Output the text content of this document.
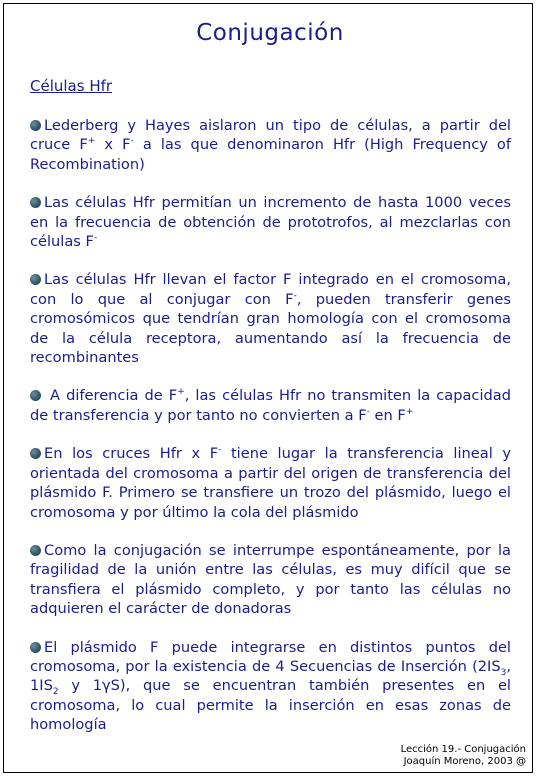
Conjugación
Células Hfr

Lederberg y Hayes aislaron un tipo de células, a partir del cruce F+ x F- a las que denominaron Hfr (High Frequency of Recombination)

Las células Hfr permitían un incremento de hasta 1000 veces en la frecuencia de obtención de prototrofos, al mezclarlas con células F-

Las células Hfr llevan el factor F integrado en el cromosoma, con lo que al conjugar con F-, pueden transferir genes cromosómicos que tendrían gran homología con el cromosoma de la célula receptora, aumentando así la frecuencia de recombinantes

A diferencia de F+, las células Hfr no transmiten la capacidad de transferencia y por tanto no convierten a F- en F+

En los cruces Hfr x F- tiene lugar la transferencia lineal y orientada del cromosoma a partir del origen de transferencia del plásmido F. Primero se transfiere un trozo del plásmido, luego el cromosoma y por último la cola del plásmido

Como la conjugación se interrumpe espontáneamente, por la fragilidad de la unión entre las células, es muy difícil que se transfiera el plásmido completo, y por tanto las células no adquieren el carácter de donadoras

El plásmido F puede integrarse en distintos puntos del cromosoma, por la existencia de 4 Secuencias de Inserción ($2IS_3$, $1IS_2$ y 1γS), que se encuentran también presentes en el cromosoma, lo cual permite la inserción en esas zonas de homología

Lección 19.- Conjugación
Joaquín Moreno, 2003 @
